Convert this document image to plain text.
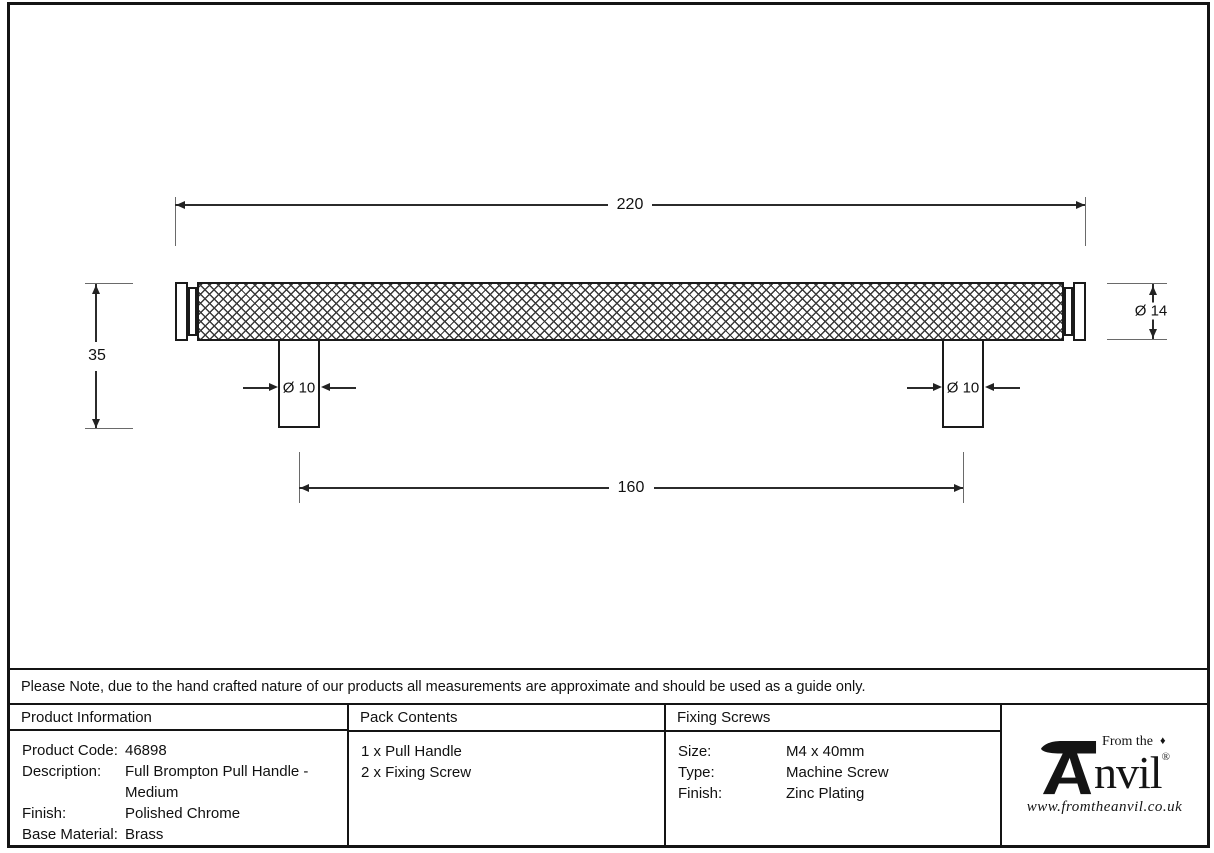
220
35
Ø 14
Ø 10	Ø 10
160
Please Note, due to the hand crafted nature of our products all measurements are approximate and should be used as a guide only.
Product Information
Product Code: 46898
Description:	Full Brompton Pull Handle - Medium
Finish:	Polished Chrome
Base Material: Brass
Pack Contents
1 x Pull Handle
2 x Fixing Screw
Fixing Screws
Size:	M4 x 40mm
Type:	Machine Screw
Finish:	Zinc Plating
From the ♦
nvil®
www.fromtheanvil.co.uk
